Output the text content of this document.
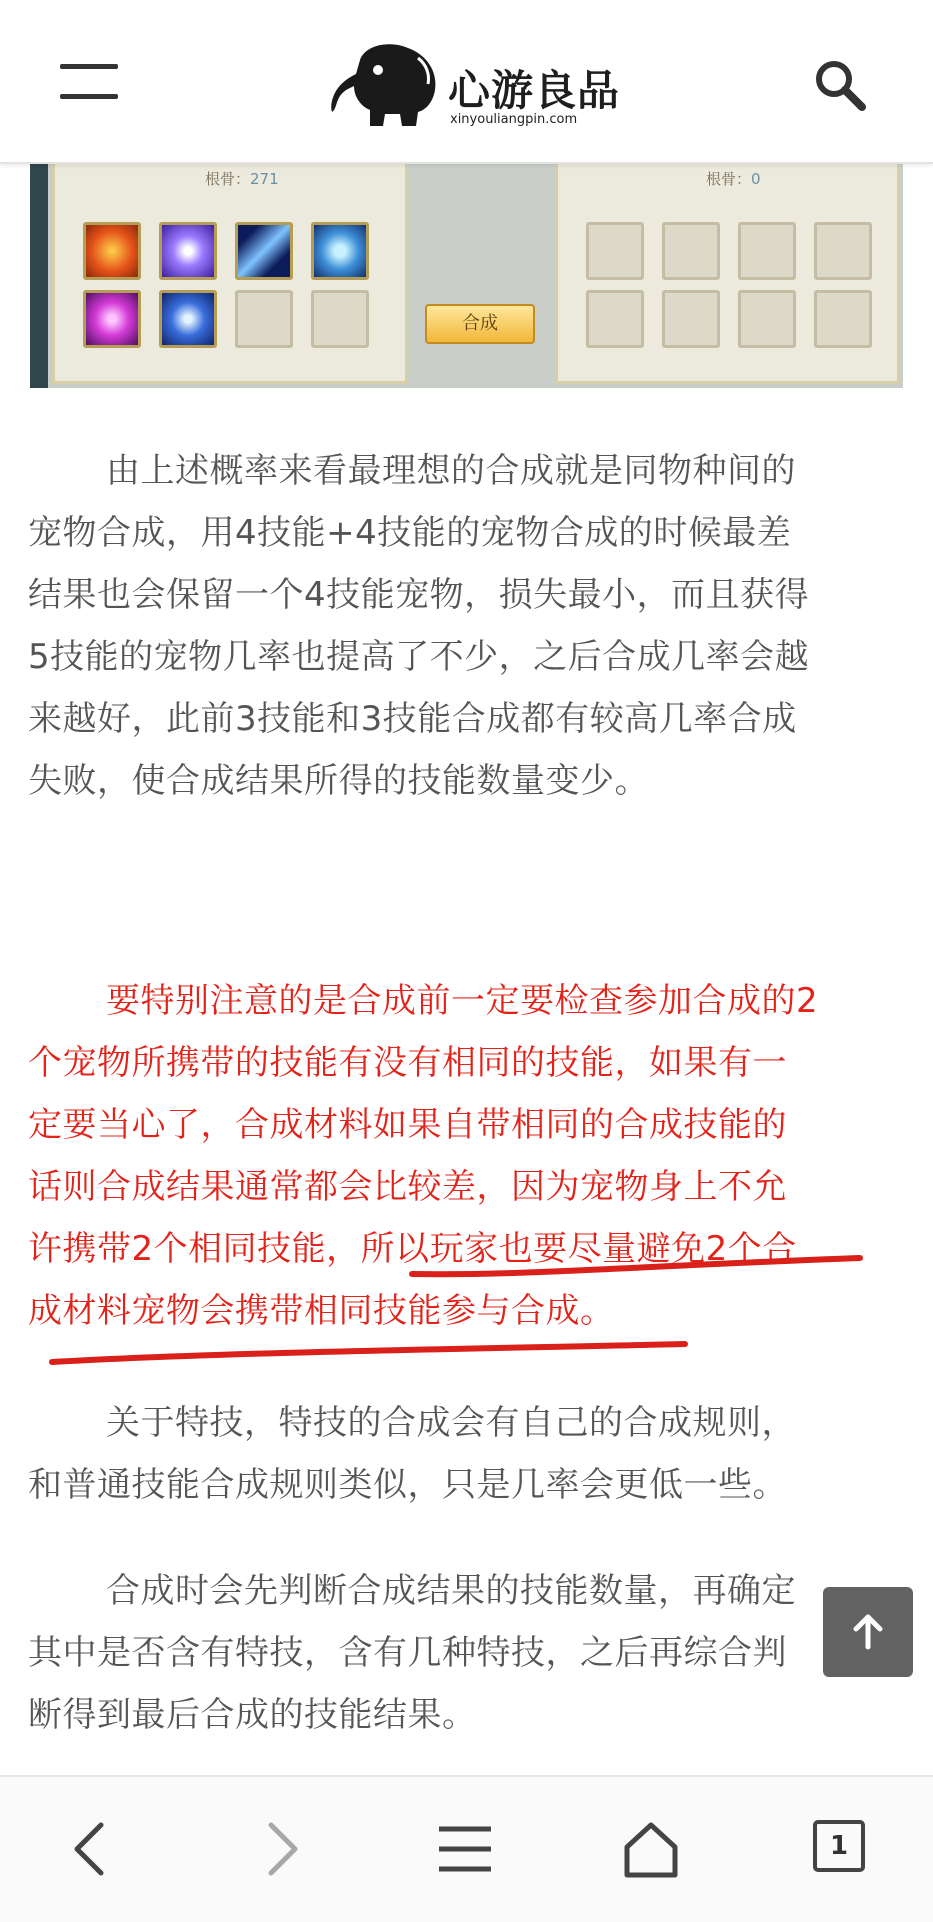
心游良品
xinyouliangpin.com
根骨：271
合成
根骨：0

由上述概率来看最理想的合成就是同物种间的
宠物合成，用4技能+4技能的宠物合成的时候最差
结果也会保留一个4技能宠物，损失最小，而且获得
5技能的宠物几率也提高了不少，之后合成几率会越
来越好，此前3技能和3技能合成都有较高几率合成
失败，使合成结果所得的技能数量变少。

要特别注意的是合成前一定要检查参加合成的2
个宠物所携带的技能有没有相同的技能，如果有一
定要当心了，合成材料如果自带相同的合成技能的
话则合成结果通常都会比较差，因为宠物身上不允
许携带2个相同技能，所以玩家也要尽量避免2个合
成材料宠物会携带相同技能参与合成。

关于特技，特技的合成会有自己的合成规则，
和普通技能合成规则类似，只是几率会更低一些。

合成时会先判断合成结果的技能数量，再确定
其中是否含有特技，含有几种特技，之后再综合判
断得到最后合成的技能结果。

1
